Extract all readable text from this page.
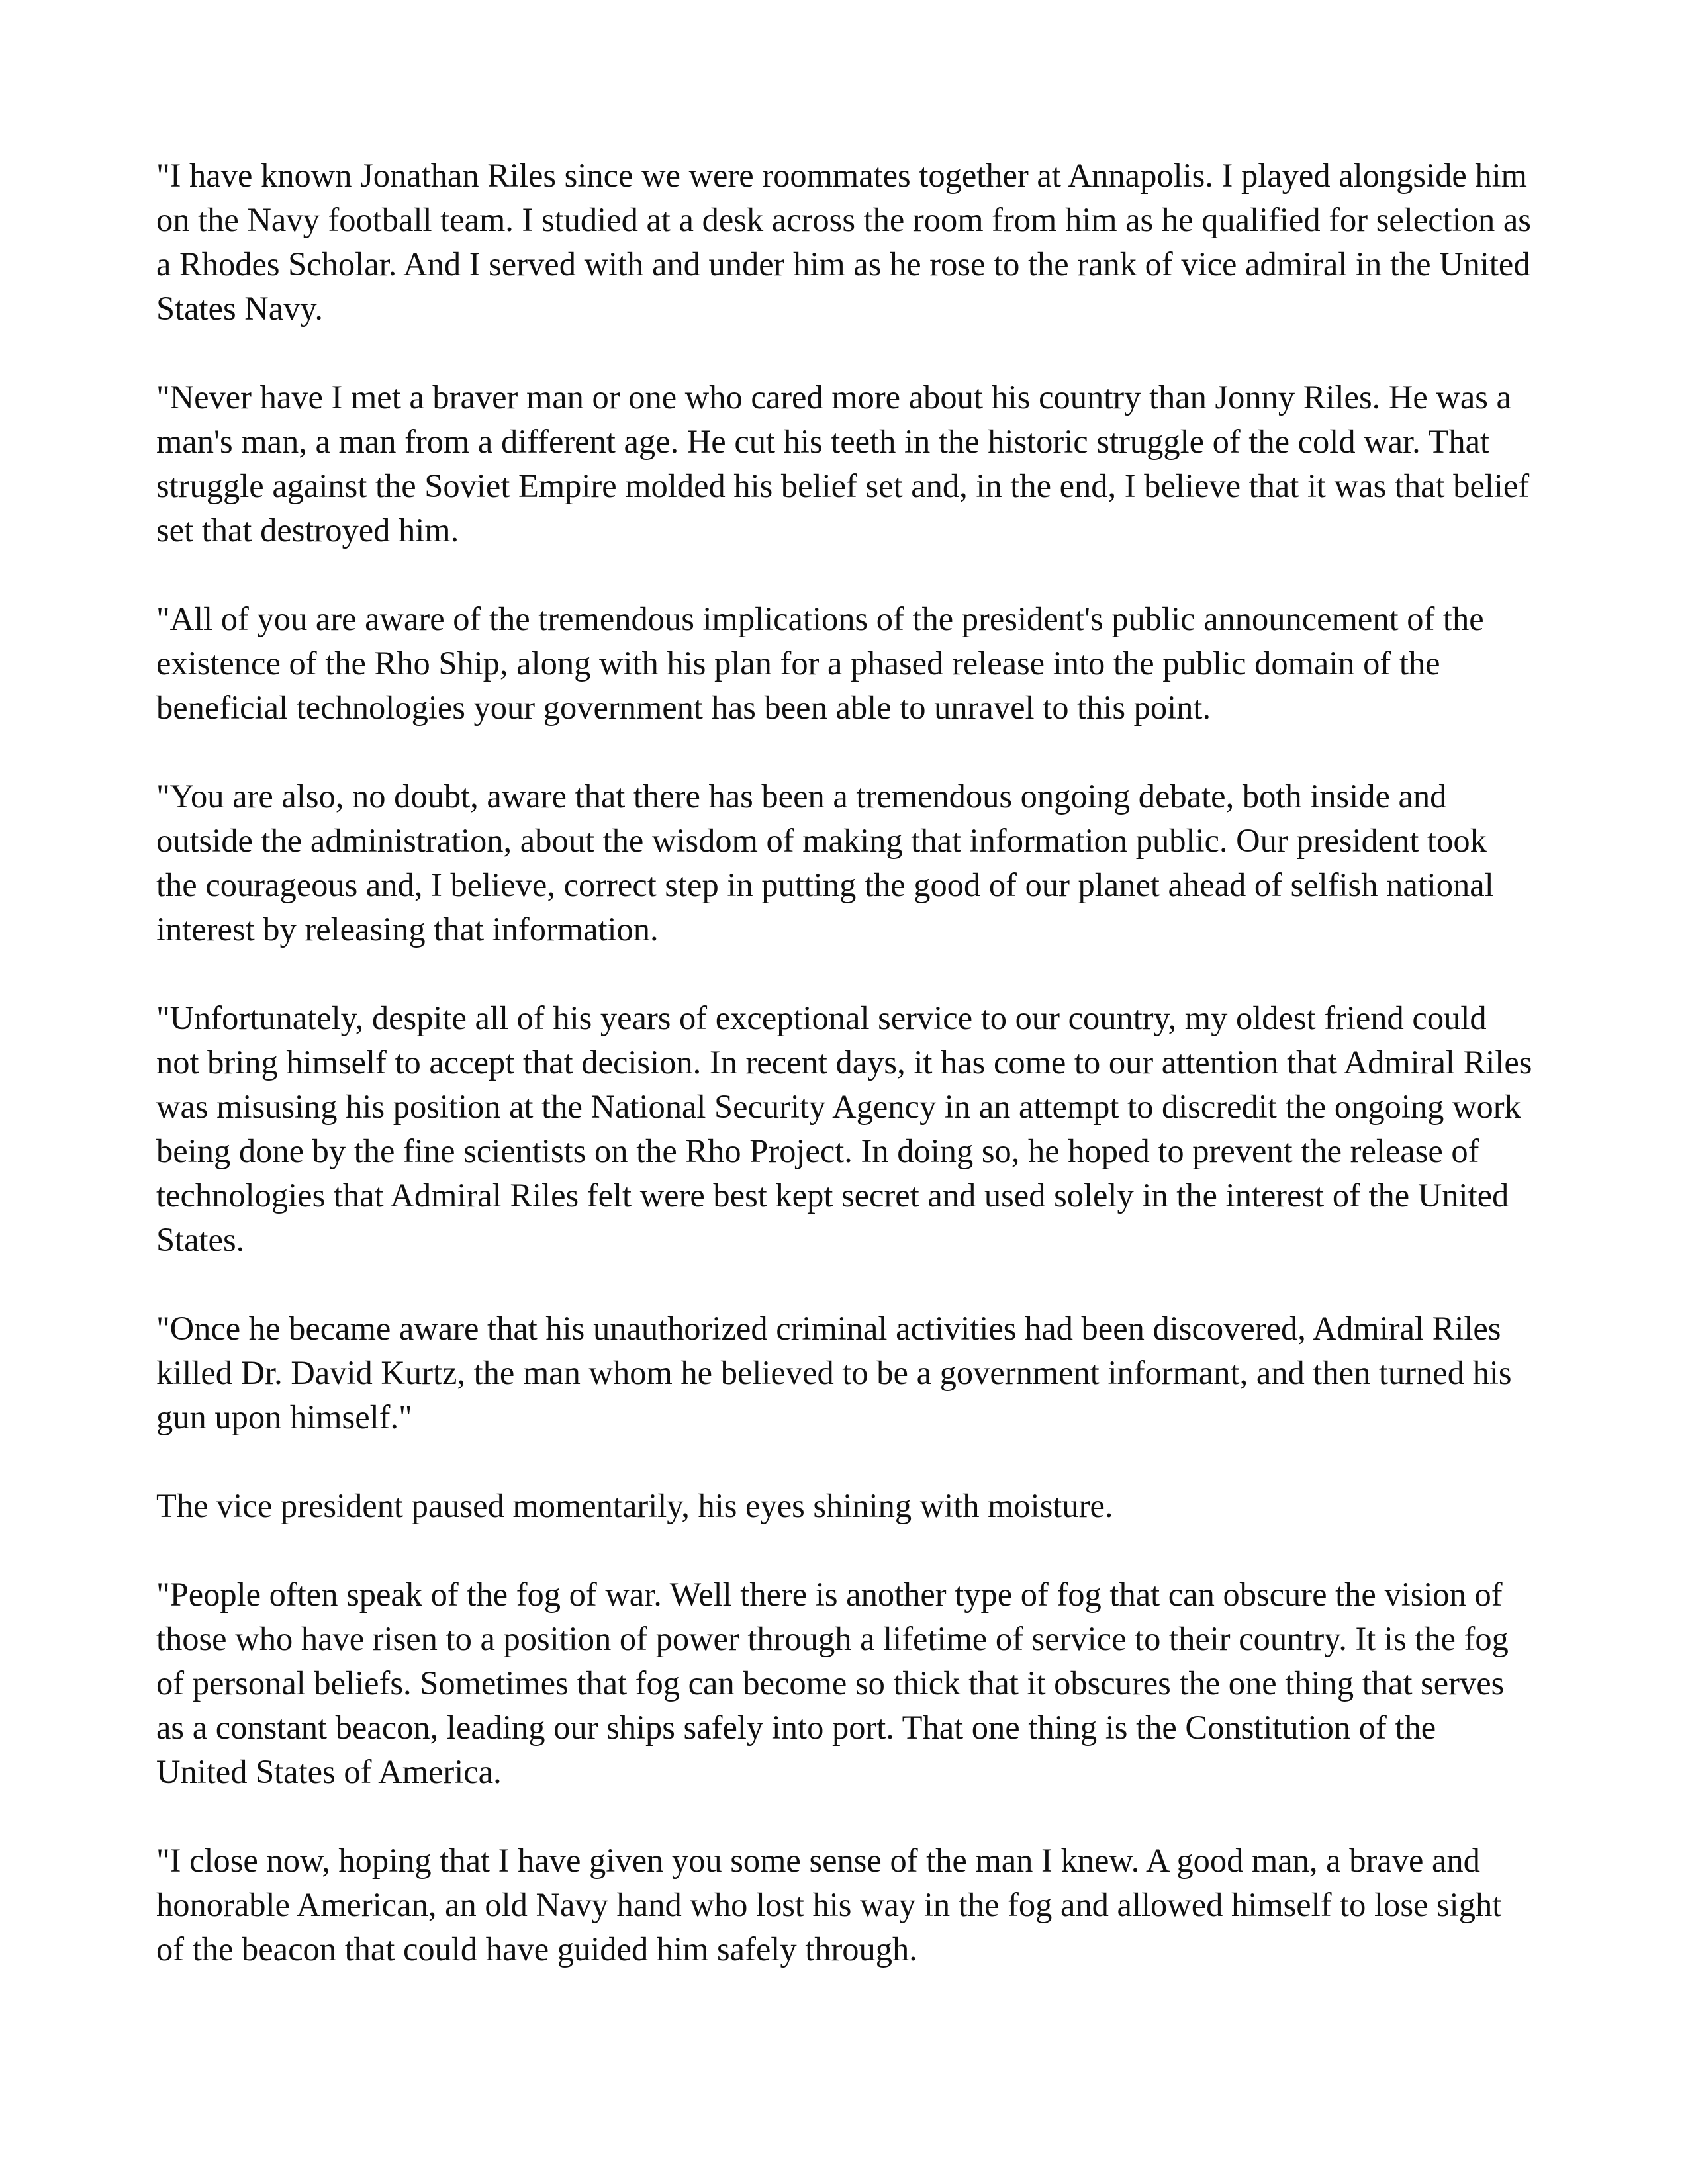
"I have known Jonathan Riles since we were roommates together at Annapolis. I played alongside him on the Navy football team. I studied at a desk across the room from him as he qualified for selection as a Rhodes Scholar. And I served with and under him as he rose to the rank of vice admiral in the United States Navy.

"Never have I met a braver man or one who cared more about his country than Jonny Riles. He was a man's man, a man from a different age. He cut his teeth in the historic struggle of the cold war. That struggle against the Soviet Empire molded his belief set and, in the end, I believe that it was that belief set that destroyed him.

"All of you are aware of the tremendous implications of the president's public announcement of the existence of the Rho Ship, along with his plan for a phased release into the public domain of the beneficial technologies your government has been able to unravel to this point.

"You are also, no doubt, aware that there has been a tremendous ongoing debate, both inside and outside the administration, about the wisdom of making that information public. Our president took the courageous and, I believe, correct step in putting the good of our planet ahead of selfish national interest by releasing that information.

"Unfortunately, despite all of his years of exceptional service to our country, my oldest friend could not bring himself to accept that decision. In recent days, it has come to our attention that Admiral Riles was misusing his position at the National Security Agency in an attempt to discredit the ongoing work being done by the fine scientists on the Rho Project. In doing so, he hoped to prevent the release of technologies that Admiral Riles felt were best kept secret and used solely in the interest of the United States.

"Once he became aware that his unauthorized criminal activities had been discovered, Admiral Riles killed Dr. David Kurtz, the man whom he believed to be a government informant, and then turned his gun upon himself."

The vice president paused momentarily, his eyes shining with moisture.

"People often speak of the fog of war. Well there is another type of fog that can obscure the vision of those who have risen to a position of power through a lifetime of service to their country. It is the fog of personal beliefs. Sometimes that fog can become so thick that it obscures the one thing that serves as a constant beacon, leading our ships safely into port. That one thing is the Constitution of the United States of America.

"I close now, hoping that I have given you some sense of the man I knew. A good man, a brave and honorable American, an old Navy hand who lost his way in the fog and allowed himself to lose sight of the beacon that could have guided him safely through.
